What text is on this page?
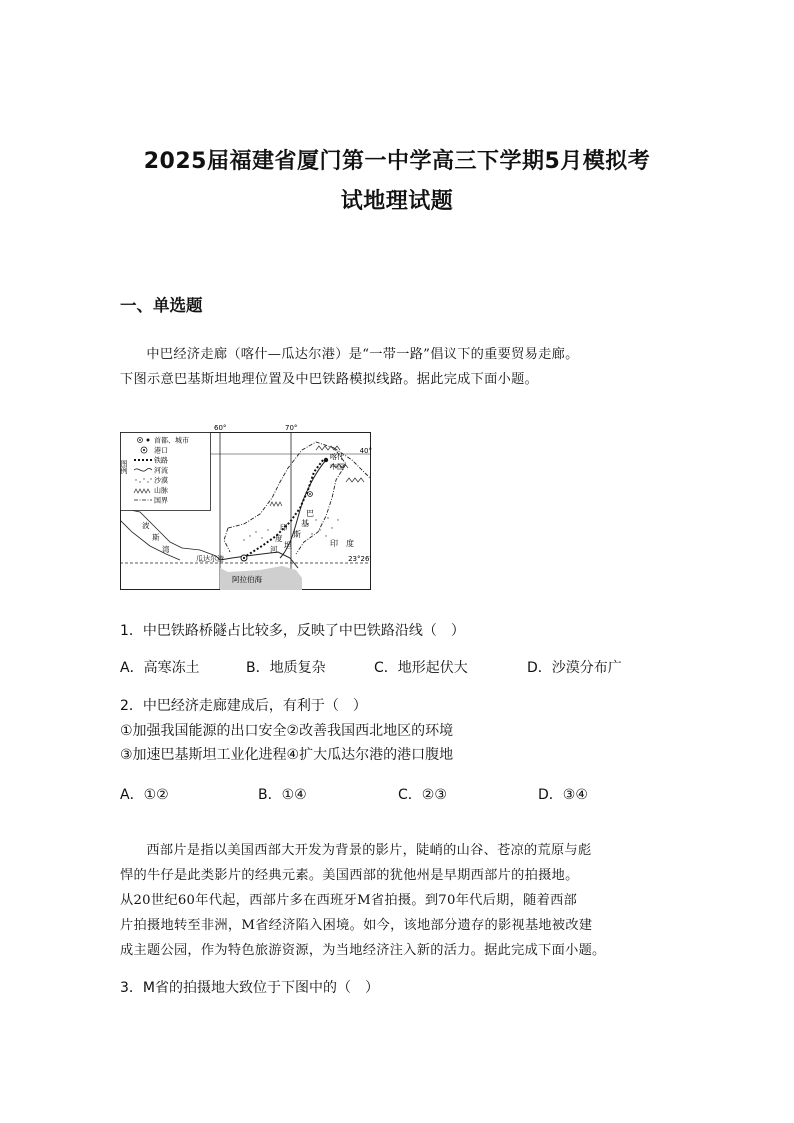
2025届福建省厦门第一中学高三下学期5月模拟考
试地理试题
一、单选题
中巴经济走廊（喀什—瓜达尔港）是“一带一路”倡议下的重要贸易走廊。
下图示意巴基斯坦地理位置及中巴铁路模拟线路。据此完成下面小题。
60°	70°
40°
23°26′
喀什
中国
巴
基
斯
坦
印
度
河
印　度
瓜达尔港
阿拉伯海
波
斯
湾
图例
首都、城市
港口
铁路
河流
沙漠
山脉
国界
1．中巴铁路桥隧占比较多，反映了中巴铁路沿线（　）
A．高寒冻土	B．地质复杂	C．地形起伏大	D．沙漠分布广
2．中巴经济走廊建成后，有利于（　）
①加强我国能源的出口安全②改善我国西北地区的环境
③加速巴基斯坦工业化进程④扩大瓜达尔港的港口腹地
A．①②	B．①④	C．②③	D．③④
西部片是指以美国西部大开发为背景的影片，陡峭的山谷、苍凉的荒原与彪
悍的牛仔是此类影片的经典元素。美国西部的犹他州是早期西部片的拍摄地。
从20世纪60年代起，西部片多在西班牙M省拍摄。到70年代后期，随着西部
片拍摄地转至非洲，M省经济陷入困境。如今，该地部分遗存的影视基地被改建
成主题公园，作为特色旅游资源，为当地经济注入新的活力。据此完成下面小题。
3．M省的拍摄地大致位于下图中的（　）
